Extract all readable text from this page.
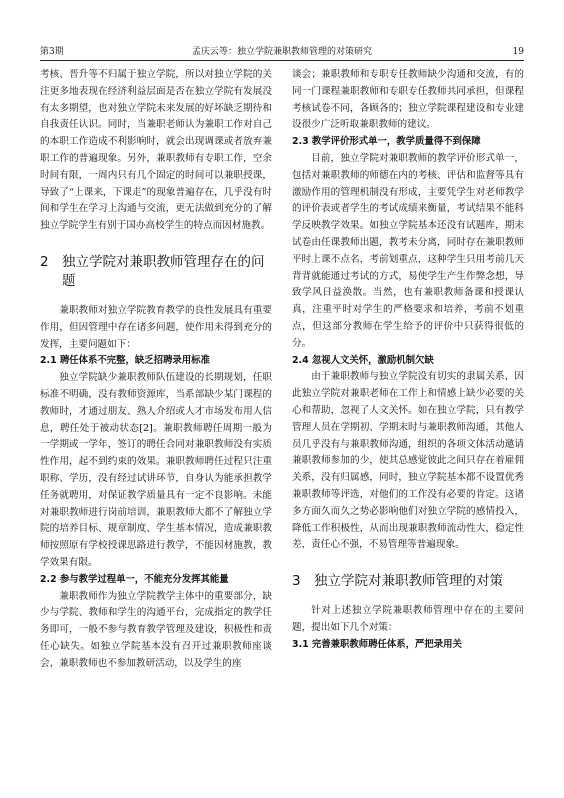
第3期	孟庆云等：独立学院兼职教师管理的对策研究	19

考核、晋升等不归属于独立学院，所以对独立学院的关注更多地表现在经济利益层面是否在独立学院有发展没有太多期望，也对独立学院未来发展的好坏缺乏期待和自我责任认识。同时，当兼职老师认为兼职工作对自己的本职工作造成不利影响时，就会出现调课或者放弃兼职工作的普遍现象。另外，兼职教师有专职工作，空余时间有限，一周内只有几个固定的时间可以兼职授课，导致了“上课来，下课走”的现象普遍存在，几乎没有时间和学生在学习上沟通与交流，更无法做到充分的了解独立学院学生有别于国办高校学生的特点而因材施教。

2 独立学院对兼职教师管理存在的问题

兼职教师对独立学院教育教学的良性发展具有重要作用，但因管理中存在诸多问题，使作用未得到充分的发挥，主要问题如下：

2.1 聘任体系不完整，缺乏招聘录用标准

独立学院缺少兼职教师队伍建设的长期规划，任职标准不明确，没有教师资源库，当系部缺少某门课程的教师时，才通过朋友、熟人介绍或人才市场发布用人信息，聘任处于被动状态[2]。兼职教师聘任周期一般为一学期或一学年，签订的聘任合同对兼职教师没有实质性作用，起不到约束的效果。兼职教师聘任过程只注重职称、学历，没有经过试讲环节，自身认为能承担教学任务就聘用，对保证教学质量具有一定不良影响。未能对兼职教师进行岗前培训，兼职教师大都不了解独立学院的培养目标、规章制度、学生基本情况，造成兼职教师按照原有学校授课思路进行教学，不能因材施教，教学效果有限。

2.2 参与教学过程单一，不能充分发挥其能量

兼职教师作为独立学院教学主体中的重要部分，缺少与学院、教师和学生的沟通平台，完成指定的教学任务即可，一般不参与教育教学管理及建设，积极性和责任心缺失。如独立学院基本没有召开过兼职教师座谈会，兼职教师也不参加教研活动，以及学生的座

谈会；兼职教师和专职专任教师缺少沟通和交流，有的同一门课程兼职教师和专职专任教师共同承担，但课程考核试卷不同，各顾各的；独立学院课程建设和专业建设很少广泛听取兼职教师的建议。

2.3 教学评价形式单一，教学质量得不到保障

目前，独立学院对兼职教师的教学评价形式单一，包括对兼职教师的师德在内的考核、评估和监督等具有激励作用的管理机制没有形成，主要凭学生对老师教学的评价表或者学生的考试成绩来衡量，考试结果不能科学反映教学效果。如独立学院基本还没有试题库，期末试卷由任课教师出题，教考未分离，同时存在兼职教师平时上课不点名，考前划重点，这种学生只用考前几天背背就能通过考试的方式，易使学生产生作弊念想，导致学风日益涣散。当然，也有兼职教师备课和授课认真，注重平时对学生的严格要求和培养，考前不划重点，但这部分教师在学生给予的评价中只获得很低的分。

2.4 忽视人文关怀，激励机制欠缺

由于兼职教师与独立学院没有切实的隶属关系，因此独立学院对兼职老师在工作上和情感上缺少必要的关心和帮助，忽视了人文关怀。如在独立学院，只有教学管理人员在学期初、学期末时与兼职教师沟通，其他人员几乎没有与兼职教师沟通，组织的各项文体活动邀请兼职教师参加的少，使其总感觉彼此之间只存在着雇佣关系，没有归属感，同时，独立学院基本都不设置优秀兼职教师等评选，对他们的工作没有必要的肯定。这诸多方面久而久之势必影响他们对独立学院的感情投入，降低工作积极性，从而出现兼职教师流动性大，稳定性差，责任心不强，不易管理等普遍现象。

3 独立学院对兼职教师管理的对策

针对上述独立学院兼职教师管理中存在的主要问题，提出如下几个对策：

3.1 完善兼职教师聘任体系，严把录用关
